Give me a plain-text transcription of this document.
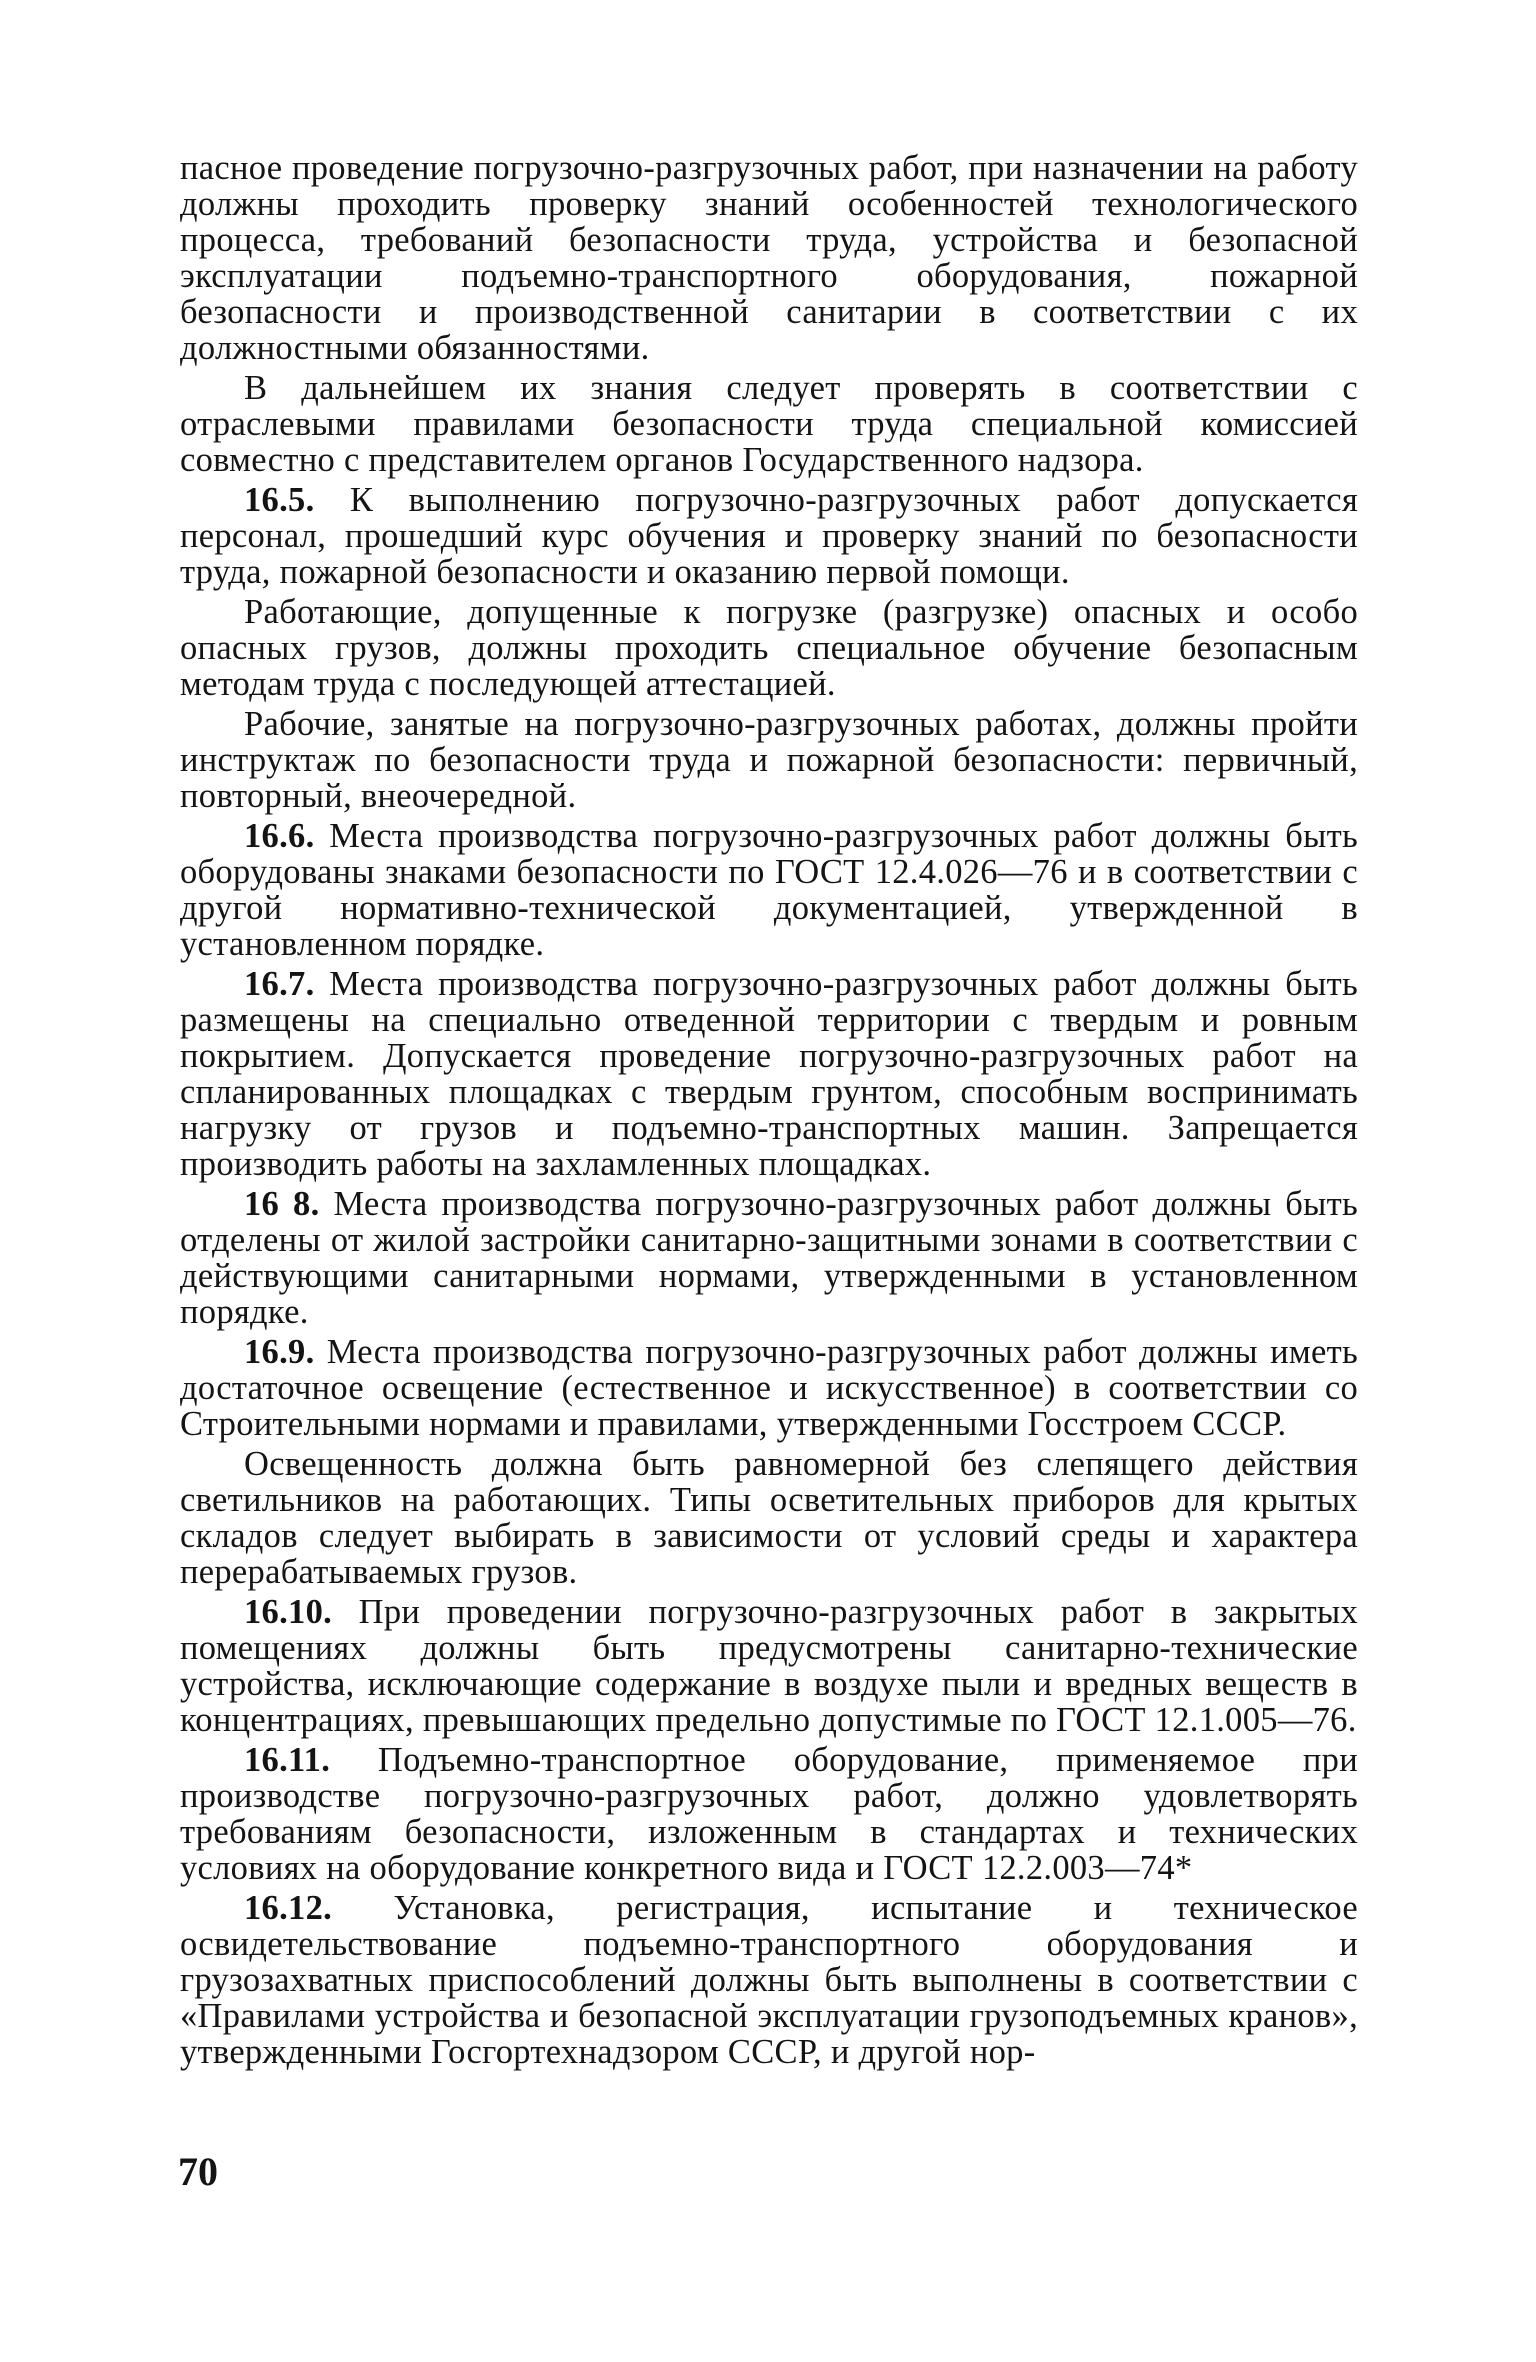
пасное проведение погрузочно-разгрузочных работ, при назначении на работу должны проходить проверку знаний особенностей технологического процесса, требований безопасности труда, устройства и безопасной эксплуатации подъемно-транспортного оборудования, пожарной безопасности и производственной санитарии в соответствии с их должностными обязанностями.

В дальнейшем их знания следует проверять в соответствии с отраслевыми правилами безопасности труда специальной комиссией совместно с представителем органов Государственного надзора.

16.5. К выполнению погрузочно-разгрузочных работ допускается персонал, прошедший курс обучения и проверку знаний по безопасности труда, пожарной безопасности и оказанию первой помощи.

Работающие, допущенные к погрузке (разгрузке) опасных и особо опасных грузов, должны проходить специальное обучение безопасным методам труда с последующей аттестацией.

Рабочие, занятые на погрузочно-разгрузочных работах, должны пройти инструктаж по безопасности труда и пожарной безопасности: первичный, повторный, внеочередной.

16.6. Места производства погрузочно-разгрузочных работ должны быть оборудованы знаками безопасности по ГОСТ 12.4.026—76 и в соответствии с другой нормативно-технической документацией, утвержденной в установленном порядке.

16.7. Места производства погрузочно-разгрузочных работ должны быть размещены на специально отведенной территории с твердым и ровным покрытием. Допускается проведение погрузочно-разгрузочных работ на спланированных площадках с твердым грунтом, способным воспринимать нагрузку от грузов и подъемно-транспортных машин. Запрещается производить работы на захламленных площадках.

16 8. Места производства погрузочно-разгрузочных работ должны быть отделены от жилой застройки санитарно-защитными зонами в соответствии с действующими санитарными нормами, утвержденными в установленном порядке.

16.9. Места производства погрузочно-разгрузочных работ должны иметь достаточное освещение (естественное и искусственное) в соответствии со Строительными нормами и правилами, утвержденными Госстроем СССР.

Освещенность должна быть равномерной без слепящего действия светильников на работающих. Типы осветительных приборов для крытых складов следует выбирать в зависимости от условий среды и характера перерабатываемых грузов.

16.10. При проведении погрузочно-разгрузочных работ в закрытых помещениях должны быть предусмотрены санитарно-технические устройства, исключающие содержание в воздухе пыли и вредных веществ в концентрациях, превышающих предельно допустимые по ГОСТ 12.1.005—76.

16.11. Подъемно-транспортное оборудование, применяемое при производстве погрузочно-разгрузочных работ, должно удовлетворять требованиям безопасности, изложенным в стандартах и технических условиях на оборудование конкретного вида и ГОСТ 12.2.003—74*

16.12. Установка, регистрация, испытание и техническое освидетельствование подъемно-транспортного оборудования и грузозахватных приспособлений должны быть выполнены в соответствии с «Правилами устройства и безопасной эксплуатации грузоподъемных кранов», утвержденными Госгортехнадзором СССР, и другой нор-

70
